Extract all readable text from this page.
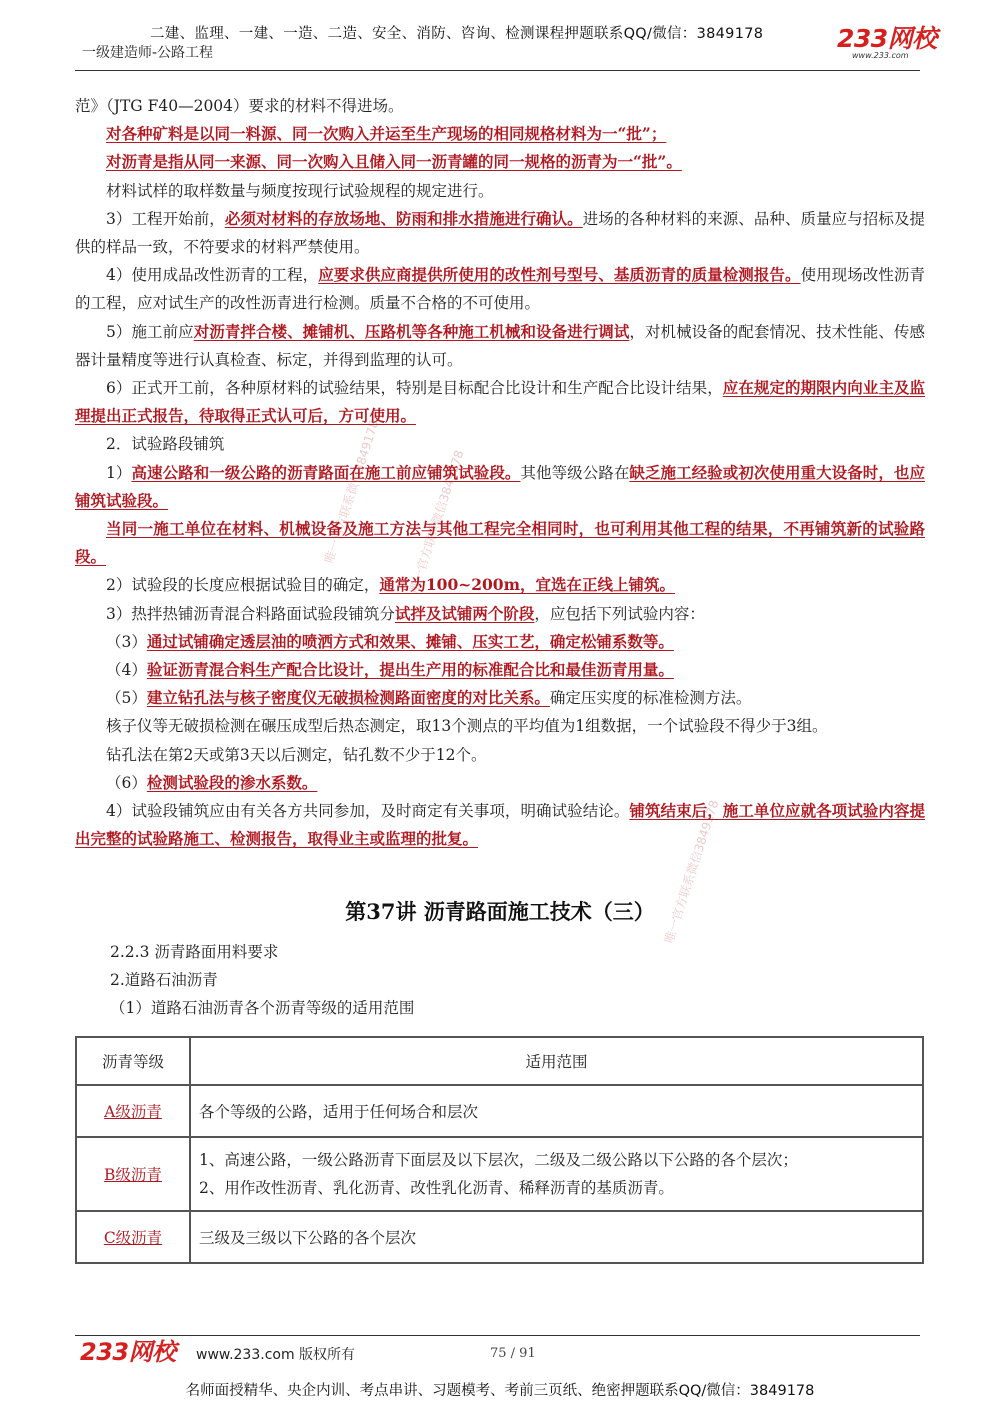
二建、监理、一建、一造、二造、安全、消防、咨询、检测课程押题联系QQ/微信：3849178
一级建造师-公路工程	233网校
www.233.com
唯一官方联系微信3849178
唯一官方联系微信3849178
唯一官方联系微信3849178

范》（JTG F40—2004）要求的材料不得进场。

对各种矿料是以同一料源、同一次购入并运至生产现场的相同规格材料为一“批”；

对沥青是指从同一来源、同一次购入且储入同一沥青罐的同一规格的沥青为一“批”。

材料试样的取样数量与频度按现行试验规程的规定进行。

3）工程开始前，必须对材料的存放场地、防雨和排水措施进行确认。进场的各种材料的来源、品种、质量应与招标及提供的样品一致，不符要求的材料严禁使用。

4）使用成品改性沥青的工程，应要求供应商提供所使用的改性剂号型号、基质沥青的质量检测报告。使用现场改性沥青的工程，应对试生产的改性沥青进行检测。质量不合格的不可使用。

5）施工前应对沥青拌合楼、摊铺机、压路机等各种施工机械和设备进行调试，对机械设备的配套情况、技术性能、传感器计量精度等进行认真检查、标定，并得到监理的认可。

6）正式开工前，各种原材料的试验结果，特别是目标配合比设计和生产配合比设计结果，应在规定的期限内向业主及监理提出正式报告，待取得正式认可后，方可使用。

2．试验路段铺筑

1）高速公路和一级公路的沥青路面在施工前应铺筑试验段。其他等级公路在缺乏施工经验或初次使用重大设备时，也应铺筑试验段。

当同一施工单位在材料、机械设备及施工方法与其他工程完全相同时，也可利用其他工程的结果，不再铺筑新的试验路段。

2）试验段的长度应根据试验目的确定，通常为100~200m，宜选在正线上铺筑。

3）热拌热铺沥青混合料路面试验段铺筑分试拌及试铺两个阶段，应包括下列试验内容：

（3）通过试铺确定透层油的喷洒方式和效果、摊铺、压实工艺，确定松铺系数等。

（4）验证沥青混合料生产配合比设计，提出生产用的标准配合比和最佳沥青用量。

（5）建立钻孔法与核子密度仪无破损检测路面密度的对比关系。确定压实度的标准检测方法。

核子仪等无破损检测在碾压成型后热态测定，取13个测点的平均值为1组数据，一个试验段不得少于3组。

钻孔法在第2天或第3天以后测定，钻孔数不少于12个。

（6）检测试验段的渗水系数。

4）试验段铺筑应由有关各方共同参加，及时商定有关事项，明确试验结论。铺筑结束后，施工单位应就各项试验内容提出完整的试验路施工、检测报告，取得业主或监理的批复。

第37讲 沥青路面施工技术（三）
2.2.3 沥青路面用料要求
2.道路石油沥青
（1）道路石油沥青各个沥青等级的适用范围
沥青等级	适用范围
A级沥青	各个等级的公路，适用于任何场合和层次
B级沥青	1、高速公路，一级公路沥青下面层及以下层次，二级及二级公路以下公路的各个层次；
2、用作改性沥青、乳化沥青、改性乳化沥青、稀释沥青的基质沥青。

C级沥青	三级及三级以下公路的各个层次
233网校 www.233.com 版权所有	75 / 91
名师面授精华、央企内训、考点串讲、习题模考、考前三页纸、绝密押题联系QQ/微信：3849178
